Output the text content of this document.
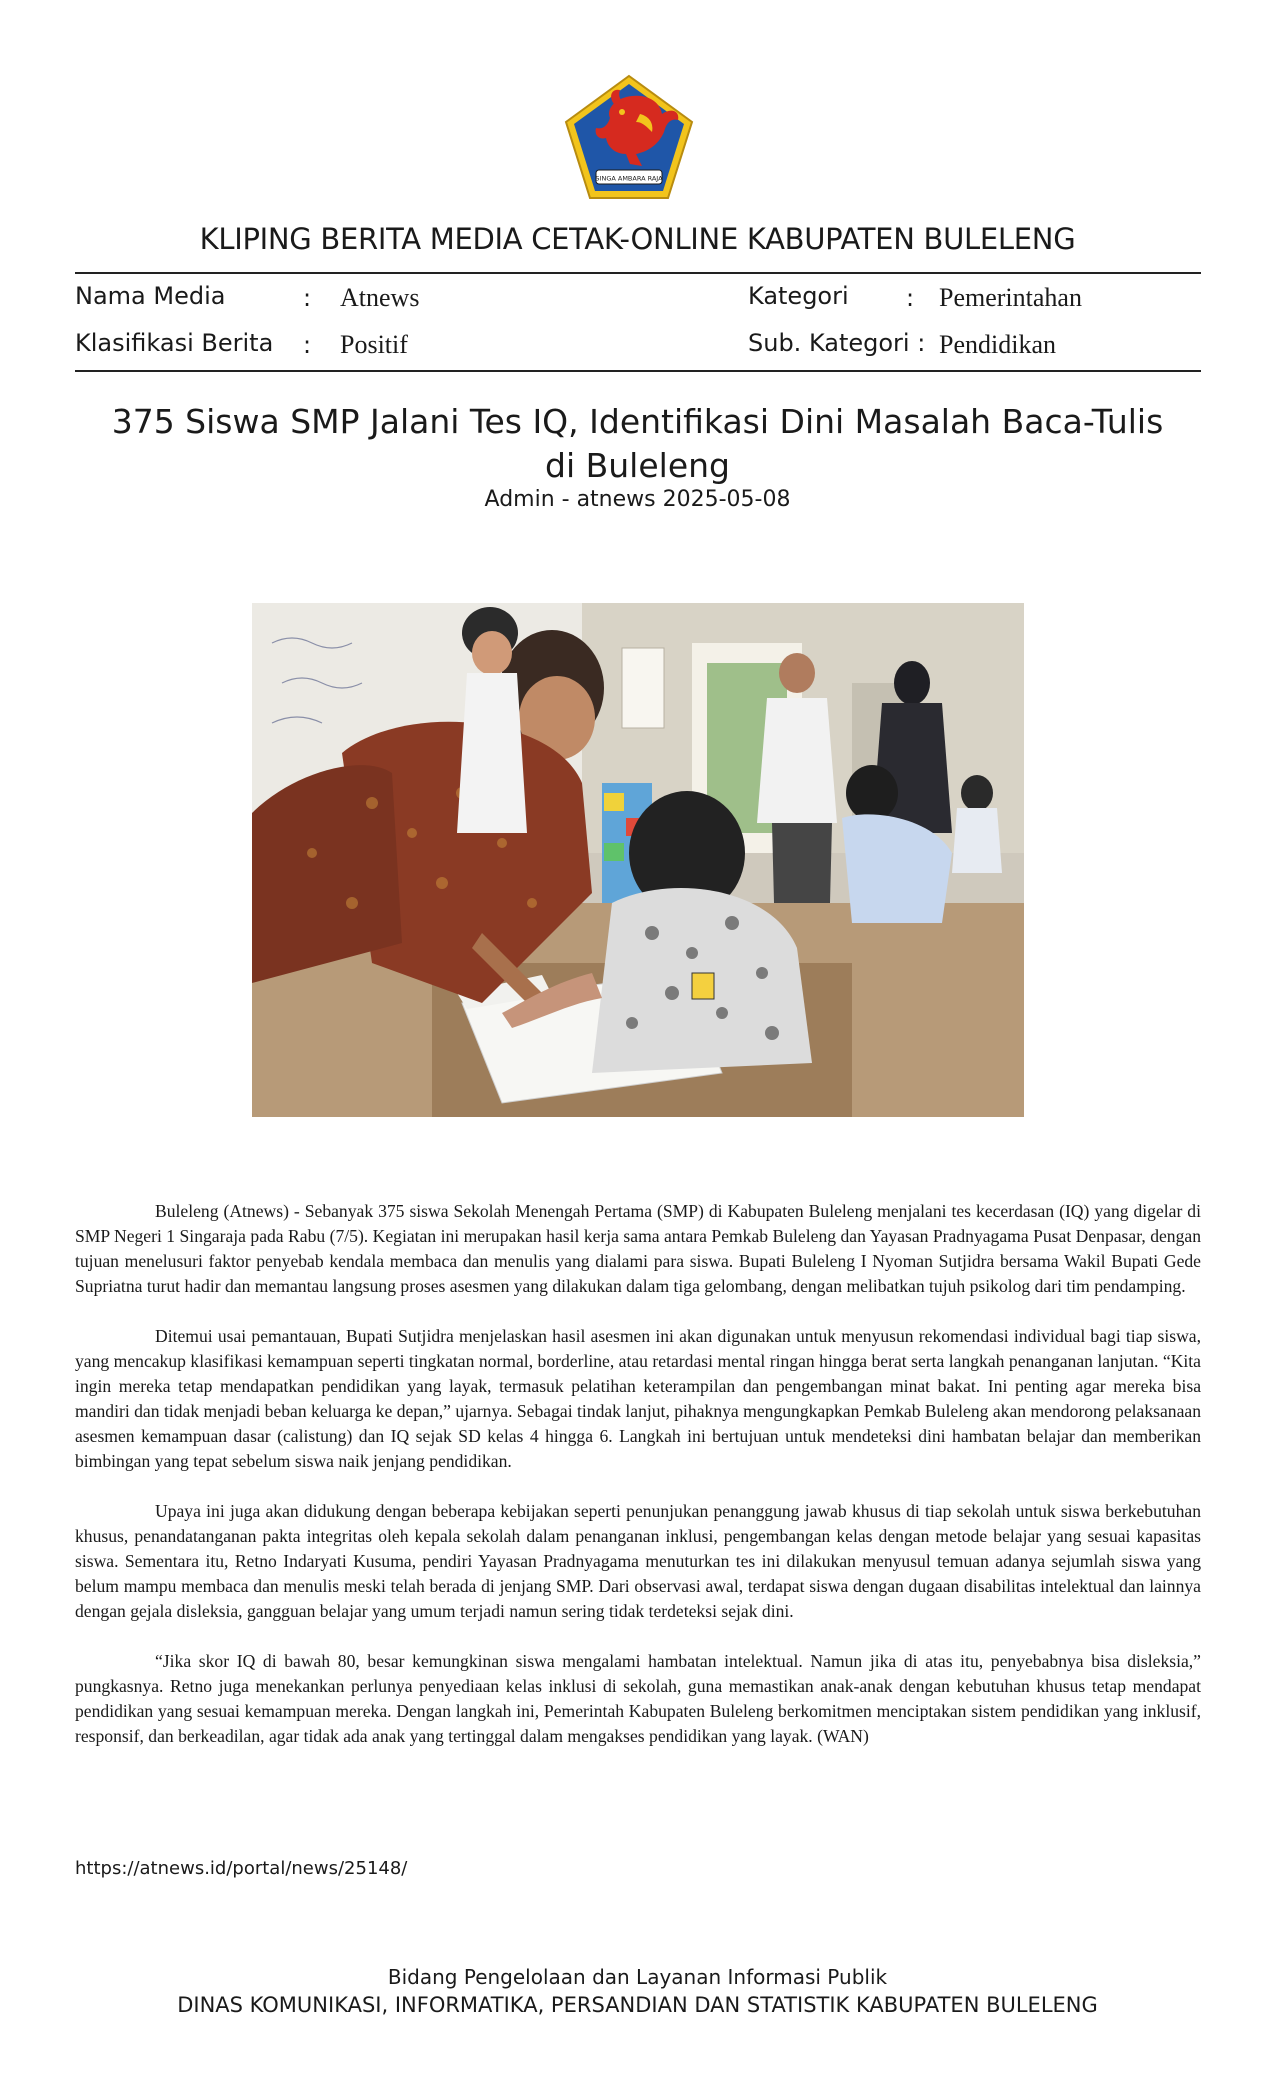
SINGA AMBARA RAJA
KLIPING BERITA MEDIA CETAK-ONLINE KABUPATEN BULELENG
Nama Media	: Atnews
Klasifikasi Berita : Positif
Kategori : Pemerintahan
Sub. Kategori : Pendidikan
375 Siswa SMP Jalani Tes IQ, Identifikasi Dini Masalah Baca-Tulis
di Buleleng
Admin - atnews 2025-05-08

Buleleng (Atnews) - Sebanyak 375 siswa Sekolah Menengah Pertama (SMP) di Kabupaten Buleleng menjalani tes kecerdasan (IQ) yang digelar di SMP Negeri 1 Singaraja pada Rabu (7/5). Kegiatan ini merupakan hasil kerja sama antara Pemkab Buleleng dan Yayasan Pradnyagama Pusat Denpasar, dengan tujuan menelusuri faktor penyebab kendala membaca dan menulis yang dialami para siswa. Bupati Buleleng I Nyoman Sutjidra bersama Wakil Bupati Gede Supriatna turut hadir dan memantau langsung proses asesmen yang dilakukan dalam tiga gelombang, dengan melibatkan tujuh psikolog dari tim pendamping.

Ditemui usai pemantauan, Bupati Sutjidra menjelaskan hasil asesmen ini akan digunakan untuk menyusun rekomendasi individual bagi tiap siswa, yang mencakup klasifikasi kemampuan seperti tingkatan normal, borderline, atau retardasi mental ringan hingga berat serta langkah penanganan lanjutan. “Kita ingin mereka tetap mendapatkan pendidikan yang layak, termasuk pelatihan keterampilan dan pengembangan minat bakat. Ini penting agar mereka bisa mandiri dan tidak menjadi beban keluarga ke depan,” ujarnya. Sebagai tindak lanjut, pihaknya mengungkapkan Pemkab Buleleng akan mendorong pelaksanaan asesmen kemampuan dasar (calistung) dan IQ sejak SD kelas 4 hingga 6. Langkah ini bertujuan untuk mendeteksi dini hambatan belajar dan memberikan bimbingan yang tepat sebelum siswa naik jenjang pendidikan.

Upaya ini juga akan didukung dengan beberapa kebijakan seperti penunjukan penanggung jawab khusus di tiap sekolah untuk siswa berkebutuhan khusus, penandatanganan pakta integritas oleh kepala sekolah dalam penanganan inklusi, pengembangan kelas dengan metode belajar yang sesuai kapasitas siswa. Sementara itu, Retno Indaryati Kusuma, pendiri Yayasan Pradnyagama menuturkan tes ini dilakukan menyusul temuan adanya sejumlah siswa yang belum mampu membaca dan menulis meski telah berada di jenjang SMP. Dari observasi awal, terdapat siswa dengan dugaan disabilitas intelektual dan lainnya dengan gejala disleksia, gangguan belajar yang umum terjadi namun sering tidak terdeteksi sejak dini.

“Jika skor IQ di bawah 80, besar kemungkinan siswa mengalami hambatan intelektual. Namun jika di atas itu, penyebabnya bisa disleksia,” pungkasnya. Retno juga menekankan perlunya penyediaan kelas inklusi di sekolah, guna memastikan anak-anak dengan kebutuhan khusus tetap mendapat pendidikan yang sesuai kemampuan mereka. Dengan langkah ini, Pemerintah Kabupaten Buleleng berkomitmen menciptakan sistem pendidikan yang inklusif, responsif, dan berkeadilan, agar tidak ada anak yang tertinggal dalam mengakses pendidikan yang layak. (WAN)

https://atnews.id/portal/news/25148/
Bidang Pengelolaan dan Layanan Informasi Publik
DINAS KOMUNIKASI, INFORMATIKA, PERSANDIAN DAN STATISTIK KABUPATEN BULELENG
